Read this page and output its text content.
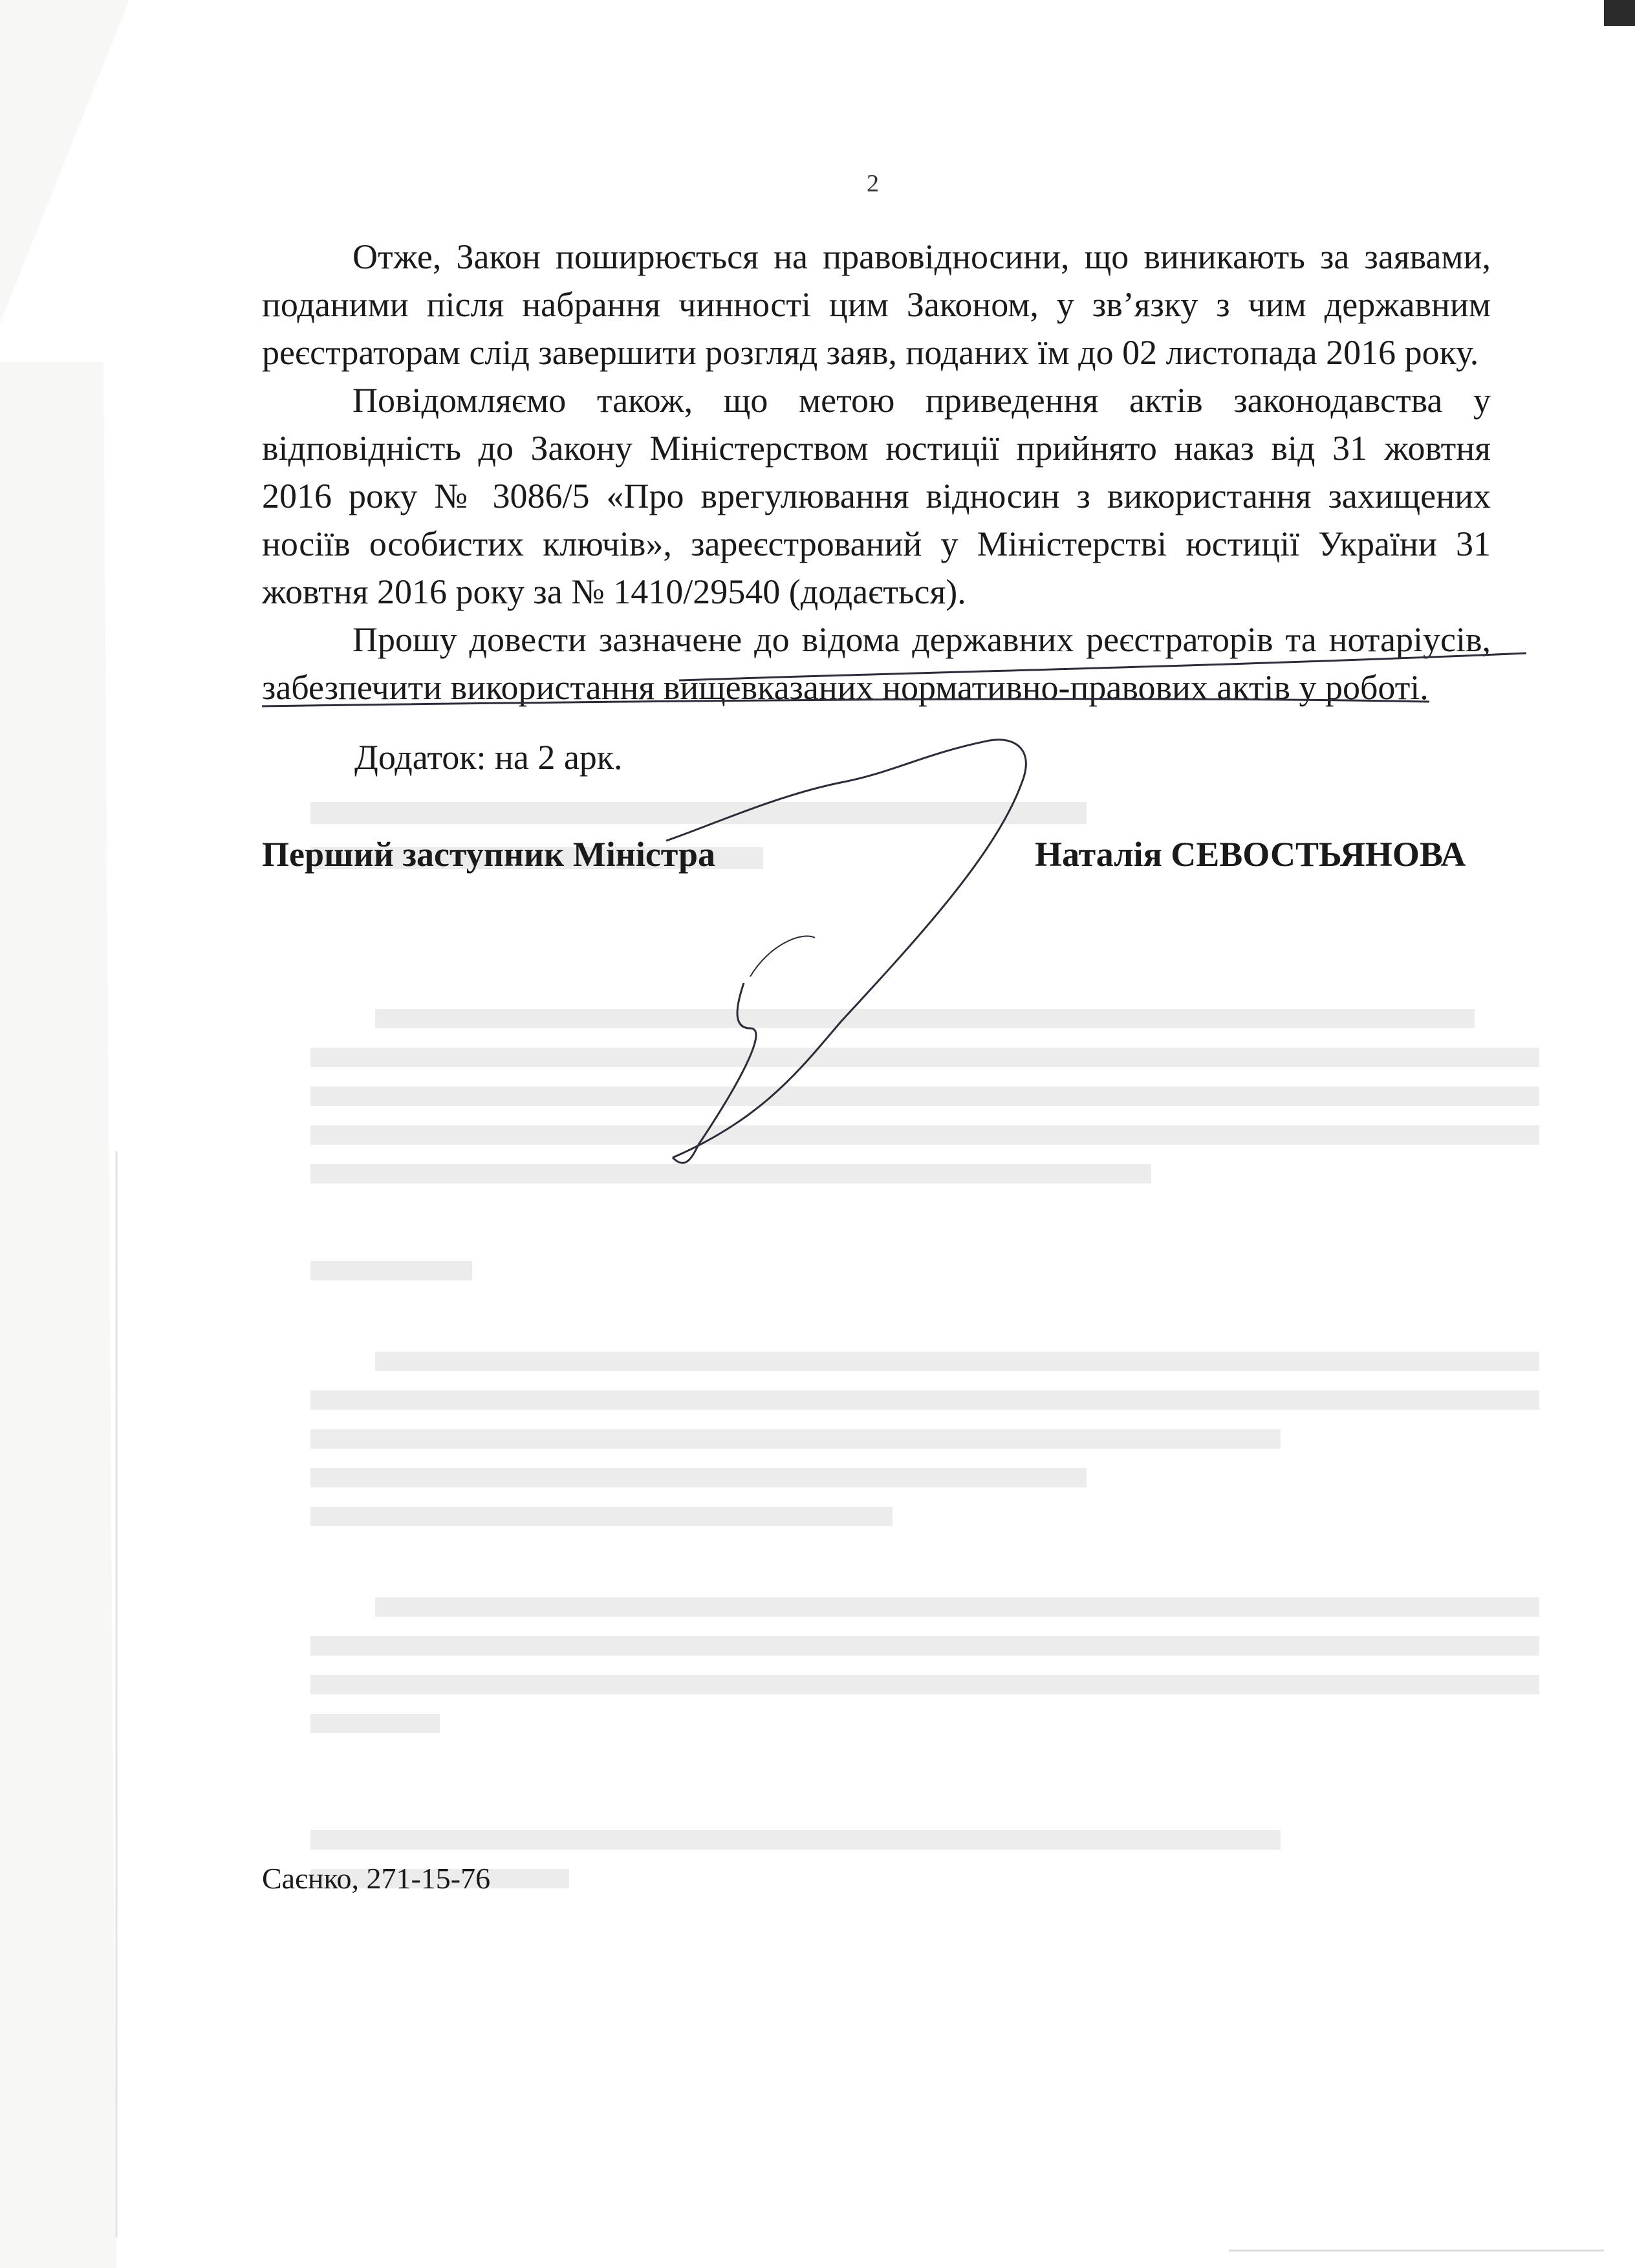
2

Отже, Закон поширюється на правовідносини, що виникають за заявами, поданими після набрання чинності цим Законом, у зв’язку з чим державним реєстраторам слід завершити розгляд заяв, поданих їм до 02 листопада 2016 року.

Повідомляємо також, що метою приведення актів законодавства у відповідність до Закону Міністерством юстиції прийнято наказ від 31 жовтня 2016 року № 3086/5 «Про врегулювання відносин з використання захищених носіїв особистих ключів», зареєстрований у Міністерстві юстиції України 31 жовтня 2016 року за № 1410/29540 (додається).

Прошу довести зазначене до відома державних реєстраторів та нотаріусів, забезпечити використання вищевказаних нормативно-правових актів у роботі.

Додаток: на 2 арк.
Перший заступник Міністра	Наталія СЕВОСТЬЯНОВА
Саєнко, 271-15-76
